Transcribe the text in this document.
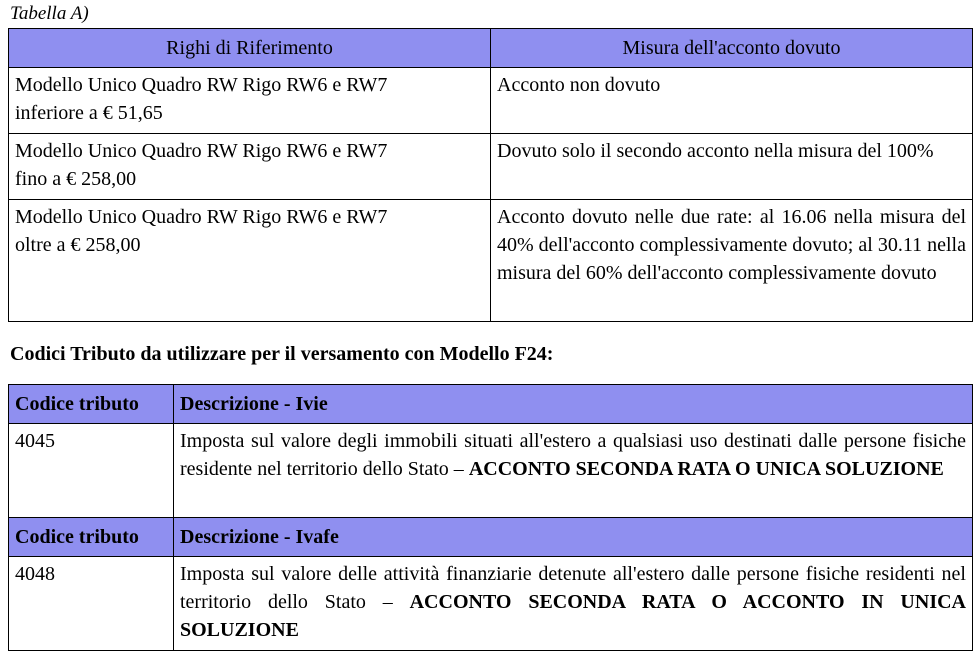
Tabella A)
Righi di Riferimento	Misura dell'acconto dovuto
Modello Unico Quadro RW Rigo RW6 e RW7
inferiore a € 51,65	Acconto non dovuto
Modello Unico Quadro RW Rigo RW6 e RW7
fino a € 258,00	Dovuto solo il secondo acconto nella misura del 100%
Modello Unico Quadro RW Rigo RW6 e RW7
oltre a € 258,00	Acconto dovuto nelle due rate: al 16.06 nella misura del 40% dell'acconto complessivamente dovuto; al 30.11 nella misura del 60% dell'acconto complessivamente dovuto
Codici Tributo da utilizzare per il versamento con Modello F24:
Codice tributo	Descrizione - Ivie
4045	Imposta sul valore degli immobili situati all'estero a qualsiasi uso destinati dalle persone fisiche residente nel territorio dello Stato – ACCONTO SECONDA RATA O UNICA SOLUZIONE
Codice tributo	Descrizione - Ivafe
4048	Imposta sul valore delle attività finanziarie detenute all'estero dalle persone fisiche residenti nel territorio dello Stato – ACCONTO SECONDA RATA O ACCONTO IN UNICA SOLUZIONE
